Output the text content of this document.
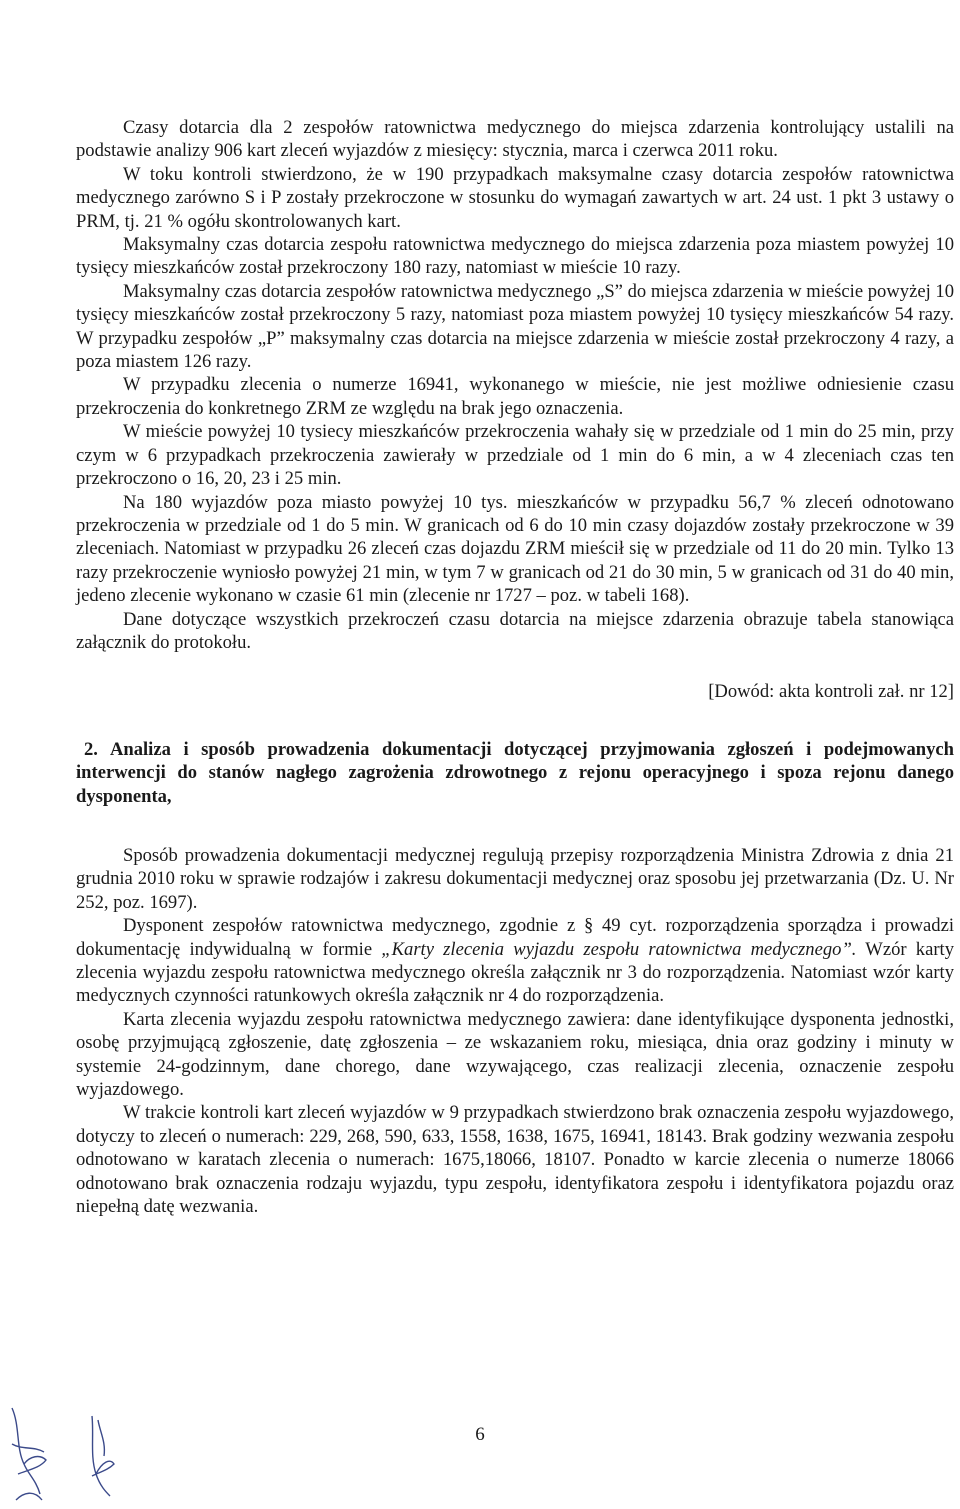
Czasy dotarcia dla 2 zespołów ratownictwa medycznego do miejsca zdarzenia kontrolujący ustalili na podstawie analizy 906 kart zleceń wyjazdów z miesięcy: stycznia, marca i czerwca 2011 roku.

W toku kontroli stwierdzono, że w 190 przypadkach maksymalne czasy dotarcia zespołów ratownictwa medycznego zarówno S i P zostały przekroczone w stosunku do wymagań zawartych w art. 24 ust. 1 pkt 3 ustawy o PRM, tj. 21 % ogółu skontrolowanych kart.

Maksymalny czas dotarcia zespołu ratownictwa medycznego do miejsca zdarzenia poza miastem powyżej 10 tysięcy mieszkańców został przekroczony 180 razy, natomiast w mieście 10 razy.

Maksymalny czas dotarcia zespołów ratownictwa medycznego „S” do miejsca zdarzenia w mieście powyżej 10 tysięcy mieszkańców został przekroczony 5 razy, natomiast poza miastem powyżej 10 tysięcy mieszkańców 54 razy. W przypadku zespołów „P” maksymalny czas dotarcia na miejsce zdarzenia w mieście został przekroczony 4 razy, a poza miastem 126 razy.

W przypadku zlecenia o numerze 16941, wykonanego w mieście, nie jest możliwe odniesienie czasu przekroczenia do konkretnego ZRM ze względu na brak jego oznaczenia.

W mieście powyżej 10 tysiecy mieszkańców przekroczenia wahały się w przedziale od 1 min do 25 min, przy czym w 6 przypadkach przekroczenia zawierały w przedziale od 1 min do 6 min, a w 4 zleceniach czas ten przekroczono o 16, 20, 23 i 25 min.

Na 180 wyjazdów poza miasto powyżej 10 tys. mieszkańców w przypadku 56,7 % zleceń odnotowano przekroczenia w przedziale od 1 do 5 min. W granicach od 6 do 10 min czasy dojazdów zostały przekroczone w 39 zleceniach. Natomiast w przypadku 26 zleceń czas dojazdu ZRM mieścił się w przedziale od 11 do 20 min. Tylko 13 razy przekroczenie wyniosło powyżej 21 min, w tym 7 w granicach od 21 do 30 min, 5 w granicach od 31 do 40 min, jedeno zlecenie wykonano w czasie 61 min (zlecenie nr 1727 – poz. w tabeli 168).

Dane dotyczące wszystkich przekroczeń czasu dotarcia na miejsce zdarzenia obrazuje tabela stanowiąca załącznik do protokołu.

[Dowód: akta kontroli zał. nr 12]

2. Analiza i sposób prowadzenia dokumentacji dotyczącej przyjmowania zgłoszeń i podejmowanych interwencji do stanów nagłego zagrożenia zdrowotnego z rejonu operacyjnego i spoza rejonu danego dysponenta,

Sposób prowadzenia dokumentacji medycznej regulują przepisy rozporządzenia Ministra Zdrowia z dnia 21 grudnia 2010 roku w sprawie rodzajów i zakresu dokumentacji medycznej oraz sposobu jej przetwarzania (Dz. U. Nr 252, poz. 1697).

Dysponent zespołów ratownictwa medycznego, zgodnie z § 49 cyt. rozporządzenia sporządza i prowadzi dokumentację indywidualną w formie „Karty zlecenia wyjazdu zespołu ratownictwa medycznego”. Wzór karty zlecenia wyjazdu zespołu ratownictwa medycznego określa załącznik nr 3 do rozporządzenia. Natomiast wzór karty medycznych czynności ratunkowych określa załącznik nr 4 do rozporządzenia.

Karta zlecenia wyjazdu zespołu ratownictwa medycznego zawiera: dane identyfikujące dysponenta jednostki, osobę przyjmującą zgłoszenie, datę zgłoszenia – ze wskazaniem roku, miesiąca, dnia oraz godziny i minuty w systemie 24-godzinnym, dane chorego, dane wzywającego, czas realizacji zlecenia, oznaczenie zespołu wyjazdowego.

W trakcie kontroli kart zleceń wyjazdów w 9 przypadkach stwierdzono brak oznaczenia zespołu wyjazdowego, dotyczy to zleceń o numerach: 229, 268, 590, 633, 1558, 1638, 1675, 16941, 18143. Brak godziny wezwania zespołu odnotowano w karatach zlecenia o numerach: 1675,18066, 18107. Ponadto w karcie zlecenia o numerze 18066 odnotowano brak oznaczenia rodzaju wyjazdu, typu zespołu, identyfikatora zespołu i identyfikatora pojazdu oraz niepełną datę wezwania.

6
